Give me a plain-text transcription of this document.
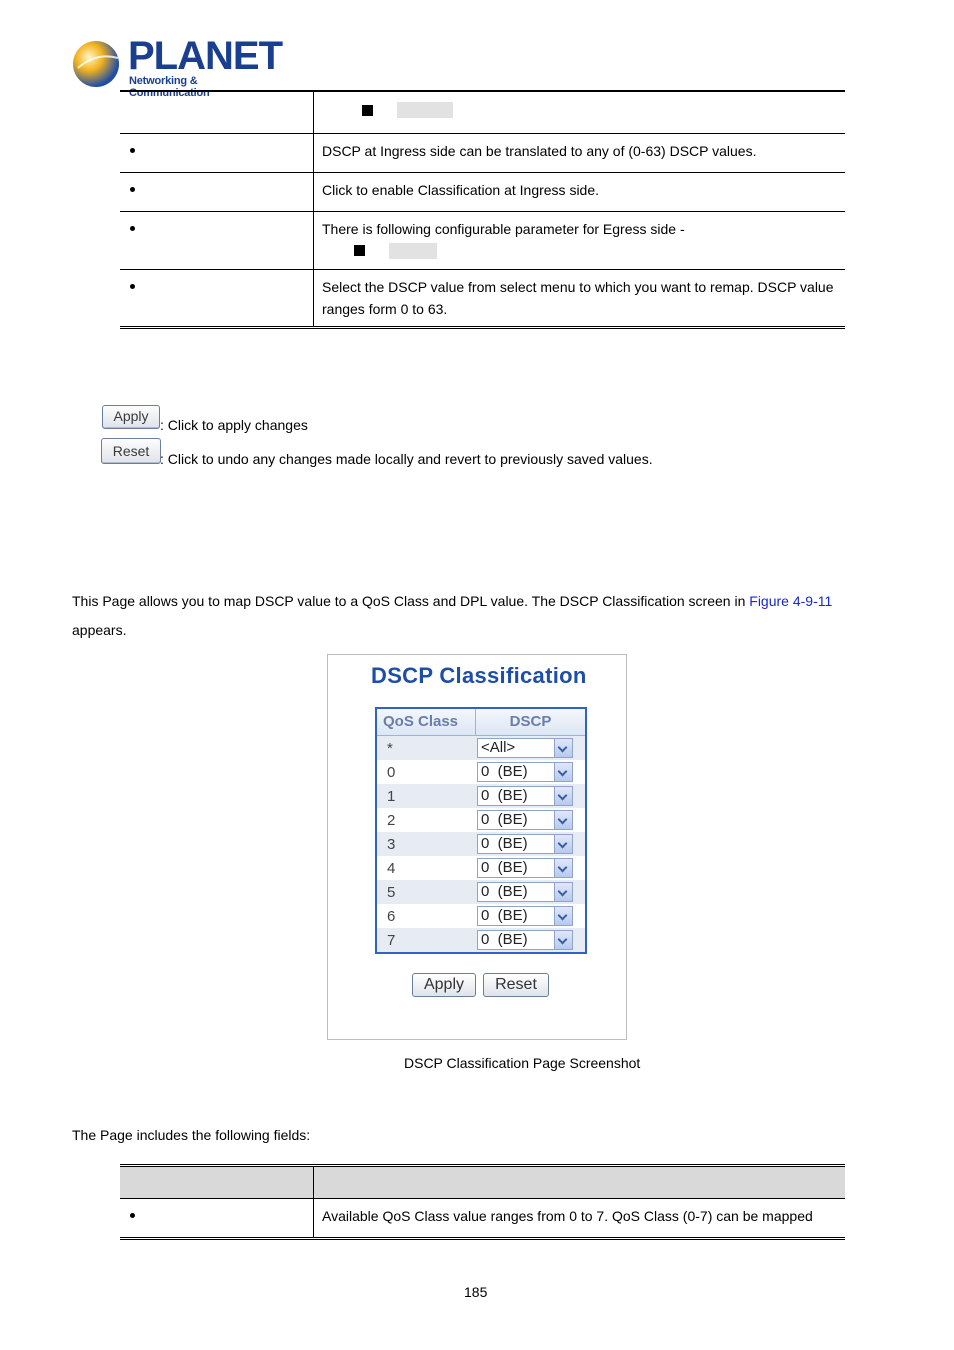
PLANET
Networking & Communication

	DSCP at Ingress side can be translated to any of (0-63) DSCP values.

	Click to enable Classification at Ingress side.

	There is following configurable parameter for Egress side -

	Select the DSCP value from select menu to which you want to remap. DSCP value ranges form 0 to 63.
Apply
: Click to apply changes
Reset : Click to undo any changes made locally and revert to previously saved values.
This Page allows you to map DSCP value to a QoS Class and DPL value. The DSCP Classification screen in Figure 4-9-11
appears.
DSCP Classification
QoS Class	DSCP
*	<All>
0	0  (BE)
1	0  (BE)
2	0  (BE)
3	0  (BE)
4	0  (BE)
5	0  (BE)
6	0  (BE)
7	0  (BE)
Apply	Reset
DSCP Classification Page Screenshot
The Page includes the following fields:

	Available QoS Class value ranges from 0 to 7. QoS Class (0-7) can be mapped
185
